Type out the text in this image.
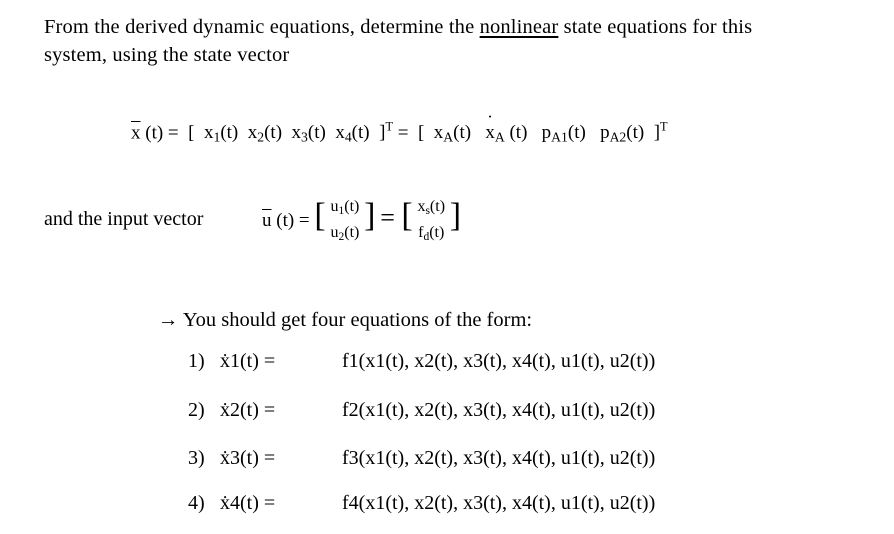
From the derived dynamic equations, determine the nonlinear state equations for this
system, using the state vector
$\overline{x}$ (t) =  [  $x_1(t)$ $x_2(t)$ $x_3(t)$ $x_4(t) ]^T$ =  [  $x_A(t)$ ˙ $x_A$ (t) $p_{A1}(t)$ $p_{A2}(t)$ ]$^T$
and the input vector	$\overline{u}$ (t) = [ $u_1(t)$
$u_2(t)$ ] = [ $x_s(t)$
$f_d(t)$ ]
→ You should get four equations of the form:
1) ẋ1(t) =	f1(x1(t), x2(t), x3(t), x4(t), u1(t), u2(t))
2) ẋ2(t) =	f2(x1(t), x2(t), x3(t), x4(t), u1(t), u2(t))
3) ẋ3(t) =	f3(x1(t), x2(t), x3(t), x4(t), u1(t), u2(t))
4) ẋ4(t) =	f4(x1(t), x2(t), x3(t), x4(t), u1(t), u2(t))
